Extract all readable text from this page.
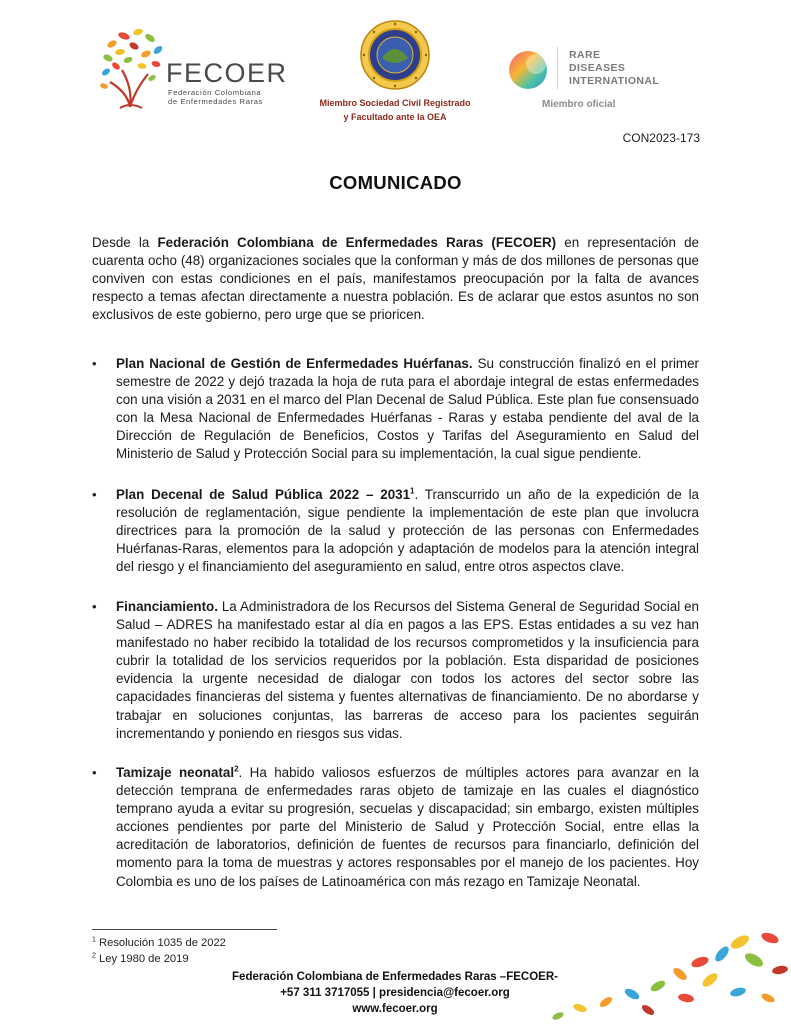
FECOER
Federación Colombiana
de Enfermedades Raras	Miembro Sociedad Civil Registrado
y Facultado ante la OEA
RARE
DISEASES
INTERNATIONAL
Miembro oficial
CON2023-173
COMUNICADO
Desde la Federación Colombiana de Enfermedades Raras (FECOER) en representación de cuarenta ocho (48) organizaciones sociales que la conforman y más de dos millones de personas que conviven con estas condiciones en el país, manifestamos preocupación por la falta de avances respecto a temas afectan directamente a nuestra población. Es de aclarar que estos asuntos no son exclusivos de este gobierno, pero urge que se prioricen.
• Plan Nacional de Gestión de Enfermedades Huérfanas. Su construcción finalizó en el primer semestre de 2022 y dejó trazada la hoja de ruta para el abordaje integral de estas enfermedades con una visión a 2031 en el marco del Plan Decenal de Salud Pública. Este plan fue consensuado con la Mesa Nacional de Enfermedades Huérfanas - Raras y estaba pendiente del aval de la Dirección de Regulación de Beneficios, Costos y Tarifas del Aseguramiento en Salud del Ministerio de Salud y Protección Social para su implementación, la cual sigue pendiente.
• Plan Decenal de Salud Pública 2022 – 2031$^1$. Transcurrido un año de la expedición de la resolución de reglamentación, sigue pendiente la implementación de este plan que involucra directrices para la promoción de la salud y protección de las personas con Enfermedades Huérfanas-Raras, elementos para la adopción y adaptación de modelos para la atención integral del riesgo y el financiamiento del aseguramiento en salud, entre otros aspectos clave.
• Financiamiento. La Administradora de los Recursos del Sistema General de Seguridad Social en Salud – ADRES ha manifestado estar al día en pagos a las EPS. Estas entidades a su vez han manifestado no haber recibido la totalidad de los recursos comprometidos y la insuficiencia para cubrir la totalidad de los servicios requeridos por la población. Esta disparidad de posiciones evidencia la urgente necesidad de dialogar con todos los actores del sector sobre las capacidades financieras del sistema y fuentes alternativas de financiamiento. De no abordarse y trabajar en soluciones conjuntas, las barreras de acceso para los pacientes seguirán incrementando y poniendo en riesgos sus vidas.
• Tamizaje neonatal$^2$. Ha habido valiosos esfuerzos de múltiples actores para avanzar en la detección temprana de enfermedades raras objeto de tamizaje en las cuales el diagnóstico temprano ayuda a evitar su progresión, secuelas y discapacidad; sin embargo, existen múltiples acciones pendientes por parte del Ministerio de Salud y Protección Social, entre ellas la acreditación de laboratorios, definición de fuentes de recursos para financiarlo, definición del momento para la toma de muestras y actores responsables por el manejo de los pacientes. Hoy Colombia es uno de los países de Latinoamérica con más rezago en Tamizaje Neonatal.
$^1$ Resolución 1035 de 2022
$^2$ Ley 1980 de 2019
Federación Colombiana de Enfermedades Raras –FECOER-
+57 311 3717055 | presidencia@fecoer.org
www.fecoer.org
